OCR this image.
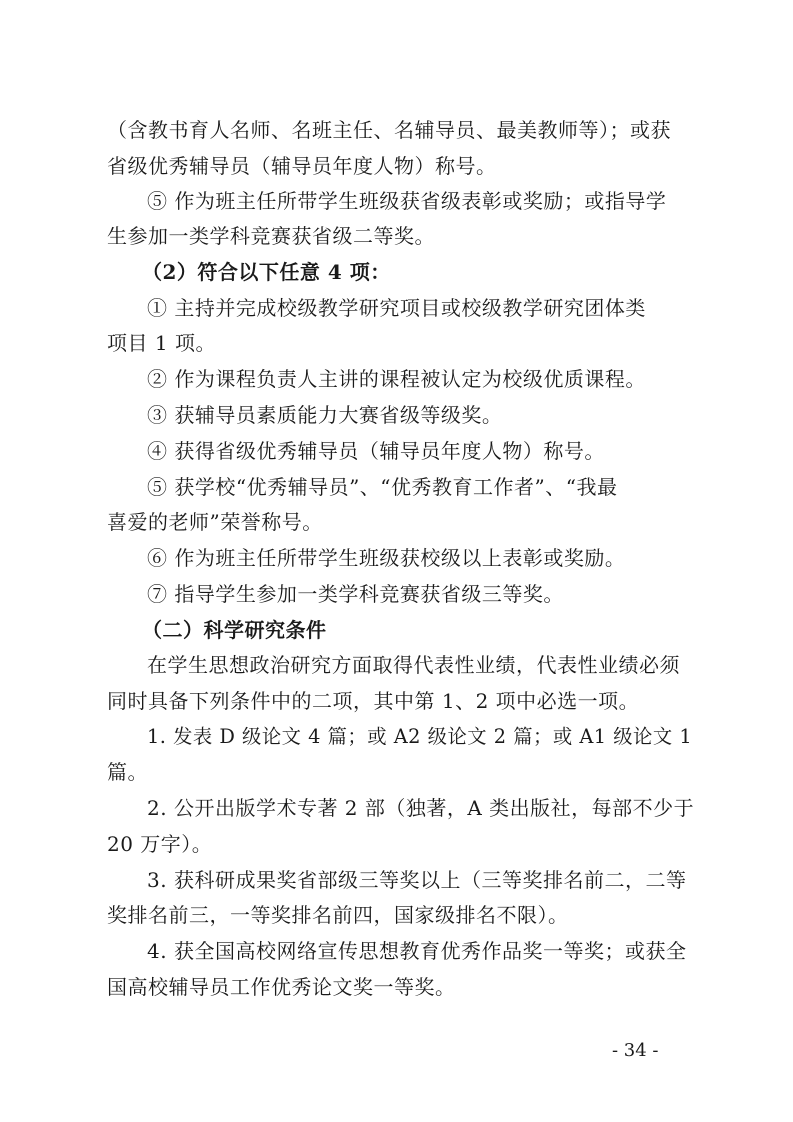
（含教书育人名师、名班主任、名辅导员、最美教师等）；或获
省级优秀辅导员（辅导员年度人物）称号。
⑤ 作为班主任所带学生班级获省级表彰或奖励；或指导学
生参加一类学科竞赛获省级二等奖。
（2）符合以下任意 4 项：
① 主持并完成校级教学研究项目或校级教学研究团体类
项目 1 项。
② 作为课程负责人主讲的课程被认定为校级优质课程。
③ 获辅导员素质能力大赛省级等级奖。
④ 获得省级优秀辅导员（辅导员年度人物）称号。
⑤ 获学校“优秀辅导员”、“优秀教育工作者”、“我最
喜爱的老师”荣誉称号。
⑥ 作为班主任所带学生班级获校级以上表彰或奖励。
⑦ 指导学生参加一类学科竞赛获省级三等奖。
（二）科学研究条件
在学生思想政治研究方面取得代表性业绩，代表性业绩必须
同时具备下列条件中的二项，其中第 1、2 项中必选一项。
1. 发表 D 级论文 4 篇；或 A2 级论文 2 篇；或 A1 级论文 1
篇。
2. 公开出版学术专著 2 部（独著，A 类出版社，每部不少于
20 万字）。
3. 获科研成果奖省部级三等奖以上（三等奖排名前二，二等
奖排名前三，一等奖排名前四，国家级排名不限）。
4. 获全国高校网络宣传思想教育优秀作品奖一等奖；或获全
国高校辅导员工作优秀论文奖一等奖。
- 34 -
